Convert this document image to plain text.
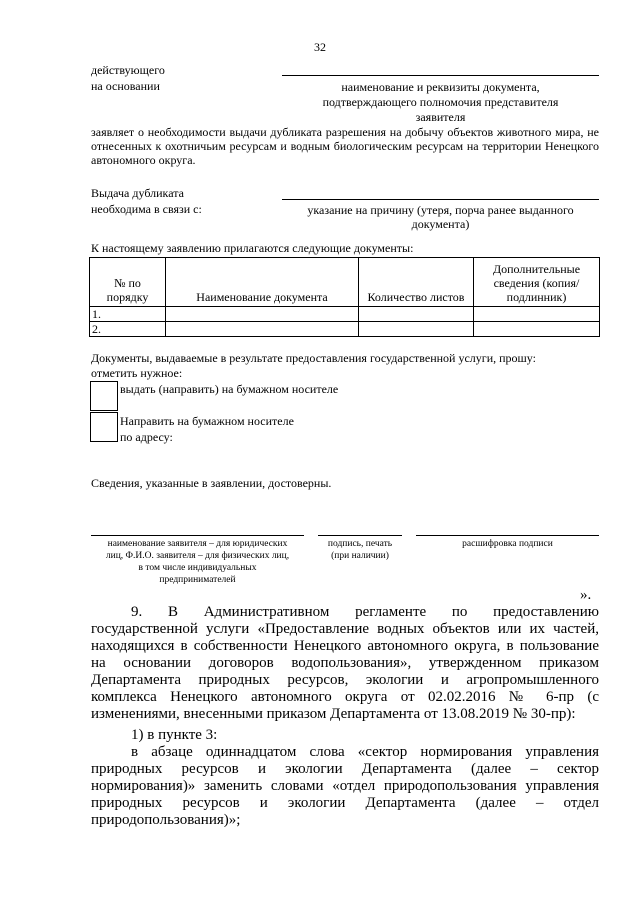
32
действующего
на основании	наименование и реквизиты документа,
подтверждающего полномочия представителя
заявителя
заявляет о необходимости выдачи дубликата разрешения на добычу объектов животного мира, не отнесенных к охотничьим ресурсам и водным биологическим ресурсам на территории Ненецкого автономного округа.
Выдача дубликата
необходима в связи с:	указание на причину (утеря, порча ранее выданного документа)
К настоящему заявлению прилагаются следующие документы:
№ по порядку	Наименование документа	Количество листов	Дополнительные сведения (копия/подлинник)
1.			
2.			
Документы, выдаваемые в результате предоставления государственной услуги, прошу:
отметить нужное:
выдать (направить) на бумажном носителе
Направить на бумажном носителе
по адресу:
Сведения, указанные в заявлении, достоверны.
наименование заявителя – для юридических
лиц, Ф.И.О. заявителя – для физических лиц,
в том числе индивидуальных
предпринимателей
подпись, печать
(при наличии)
расшифровка подписи
».
9. В Административном регламенте по предоставлению государственной услуги «Предоставление водных объектов или их частей, находящихся в собственности Ненецкого автономного округа, в пользование на основании договоров водопользования», утвержденном приказом Департамента природных ресурсов, экологии и агропромышленного комплекса Ненецкого автономного округа от 02.02.2016 № 6-пр (с изменениями, внесенными приказом Департамента от 13.08.2019 № 30-пр):
1) в пункте 3:
в абзаце одиннадцатом слова «сектор нормирования управления природных ресурсов и экологии Департамента (далее – сектор нормирования)» заменить словами «отдел природопользования управления природных ресурсов и экологии Департамента (далее – отдел природопользования)»;
